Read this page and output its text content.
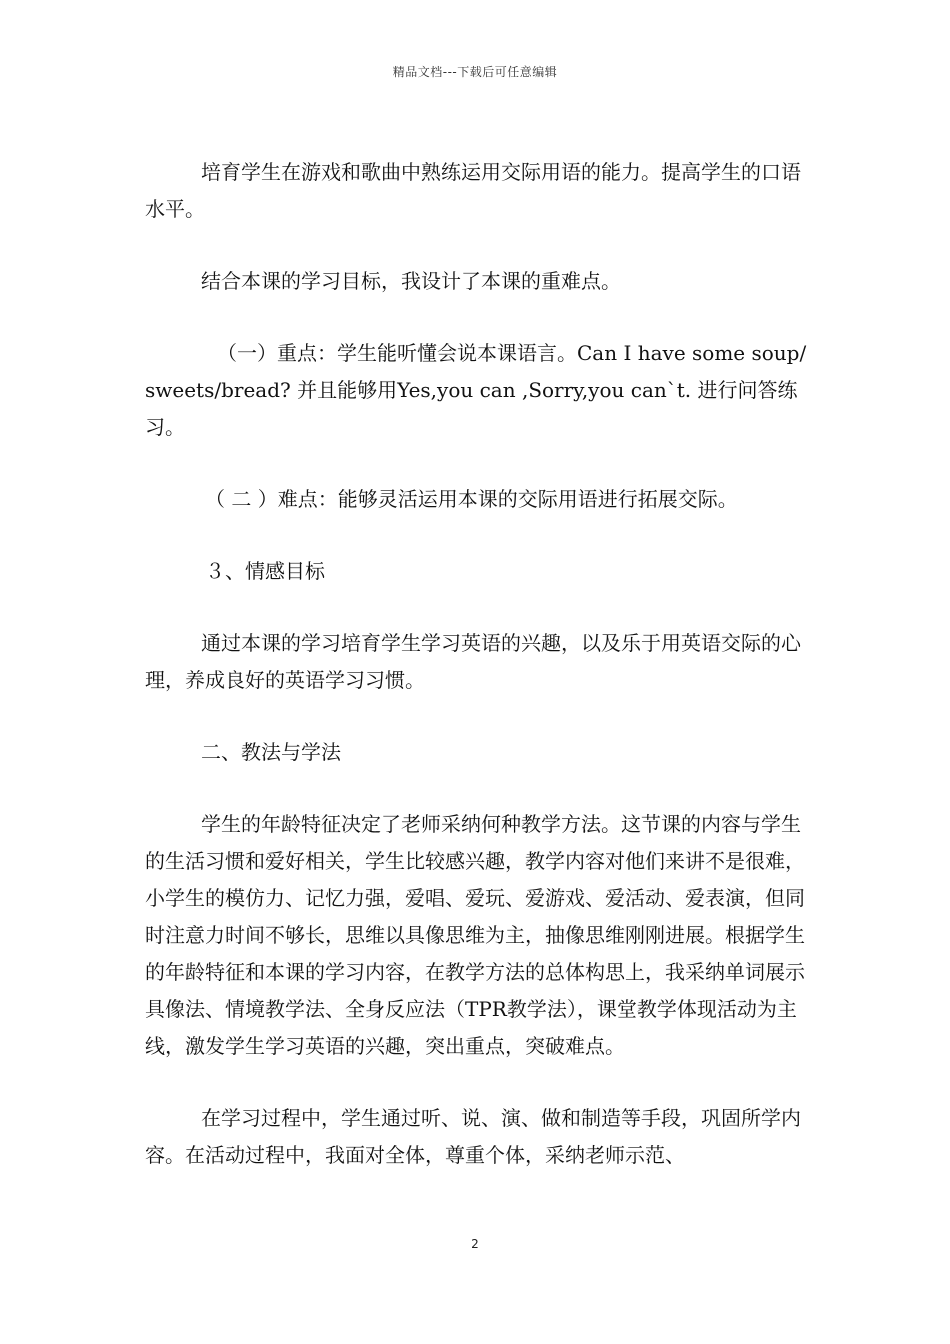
精品文档---下载后可任意编辑

培育学生在游戏和歌曲中熟练运用交际用语的能力。提高学生的口语水平。

结合本课的学习目标，我设计了本课的重难点。

（一）重点：学生能听懂会说本课语言。Can I have some soup/sweets/bread? 并且能够用Yes,you can ,Sorry,you can`t. 进行问答练习。

（ 二 ）难点：能够灵活运用本课的交际用语进行拓展交际。

３、情感目标

通过本课的学习培育学生学习英语的兴趣，以及乐于用英语交际的心理，养成良好的英语学习习惯。

二、教法与学法

学生的年龄特征决定了老师采纳何种教学方法。这节课的内容与学生的生活习惯和爱好相关，学生比较感兴趣，教学内容对他们来讲不是很难，小学生的模仿力、记忆力强，爱唱、爱玩、爱游戏、爱活动、爱表演，但同时注意力时间不够长，思维以具像思维为主，抽像思维刚刚进展。根据学生的年龄特征和本课的学习内容，在教学方法的总体构思上，我采纳单词展示具像法、情境教学法、全身反应法（TPR教学法），课堂教学体现活动为主线，激发学生学习英语的兴趣，突出重点，突破难点。

在学习过程中，学生通过听、说、演、做和制造等手段，巩固所学内容。在活动过程中，我面对全体，尊重个体，采纳老师示范、

2
